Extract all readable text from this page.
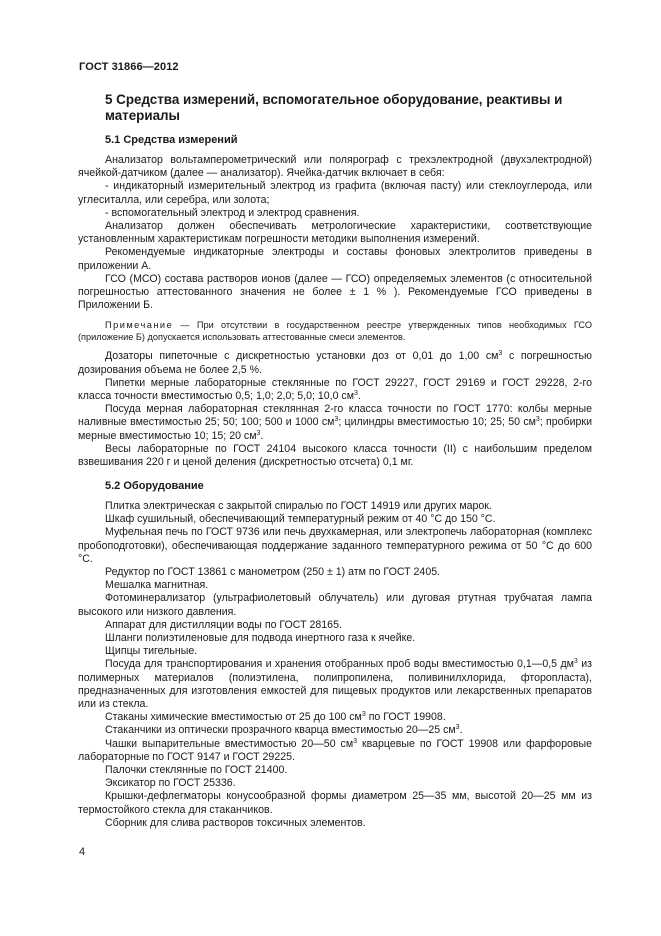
ГОСТ 31866—2012
5 Средства измерений, вспомогательное оборудование, реактивы и материалы
5.1 Средства измерений

Анализатор вольтамперометрический или полярограф с трехэлектродной (двухэлектродной) ячейкой-датчиком (далее — анализатор). Ячейка-датчик включает в себя:

- индикаторный измерительный электрод из графита (включая пасту) или стеклоуглерода, или углеситалла, или серебра, или золота;

- вспомогательный электрод и электрод сравнения.

Анализатор должен обеспечивать метрологические характеристики, соответствующие установленным характеристикам погрешности методики выполнения измерений.

Рекомендуемые индикаторные электроды и составы фоновых электролитов приведены в приложении А.

ГСО (МСО) состава растворов ионов (далее — ГСО) определяемых элементов (с относительной погрешностью аттестованного значения не более ± 1 % ). Рекомендуемые ГСО приведены в Приложении Б.

Примечание — При отсутствии в государственном реестре утвержденных типов необходимых ГСО (приложение Б) допускается использовать аттестованные смеси элементов.

Дозаторы пипеточные с дискретностью установки доз от 0,01 до 1,00 $см^3$ с погрешностью дозирования объема не более 2,5 %.

Пипетки мерные лабораторные стеклянные по ГОСТ 29227, ГОСТ 29169 и ГОСТ 29228, 2-го класса точности вместимостью 0,5; 1,0; 2,0; 5,0; 10,0 $см^3$.

Посуда мерная лабораторная стеклянная 2-го класса точности по ГОСТ 1770: колбы мерные наливные вместимостью 25; 50; 100; 500 и 1000 $см^3$; цилиндры вместимостью 10; 25; 50 $см^3$; пробирки мерные вместимостью 10; 15; 20 $см^3$.

Весы лабораторные по ГОСТ 24104 высокого класса точности (II) с наибольшим пределом взвешивания 220 г и ценой деления (дискретностью отсчета) 0,1 мг.

5.2 Оборудование

Плитка электрическая с закрытой спиралью по ГОСТ 14919 или других марок.

Шкаф сушильный, обеспечивающий температурный режим от 40 °С до 150 °С.

Муфельная печь по ГОСТ 9736 или печь двухкамерная, или электропечь лабораторная (комплекс пробоподготовки), обеспечивающая поддержание заданного температурного режима от 50 °С до 600 °С.

Редуктор по ГОСТ 13861 с манометром (250 ± 1) атм по ГОСТ 2405.

Мешалка магнитная.

Фотоминерализатор (ультрафиолетовый облучатель) или дуговая ртутная трубчатая лампа высокого или низкого давления.

Аппарат для дистилляции воды по ГОСТ 28165.

Шланги полиэтиленовые для подвода инертного газа к ячейке.

Щипцы тигельные.

Посуда для транспортирования и хранения отобранных проб воды вместимостью 0,1—0,5 $дм^3$ из полимерных материалов (полиэтилена, полипропилена, поливинилхлорида, фторопласта), предназначенных для изготовления емкостей для пищевых продуктов или лекарственных препаратов или из стекла.

Стаканы химические вместимостью от 25 до 100 $см^3$ по ГОСТ 19908.

Стаканчики из оптически прозрачного кварца вместимостью 20—25 $см^3$.

Чашки выпарительные вместимостью 20—50 $см^3$ кварцевые по ГОСТ 19908 или фарфоровые лабораторные по ГОСТ 9147 и ГОСТ 29225.

Палочки стеклянные по ГОСТ 21400.

Эксикатор по ГОСТ 25336.

Крышки-дефлегматоры конусообразной формы диаметром 25—35 мм, высотой 20—25 мм из термостойкого стекла для стаканчиков.

Сборник для слива растворов токсичных элементов.

4
